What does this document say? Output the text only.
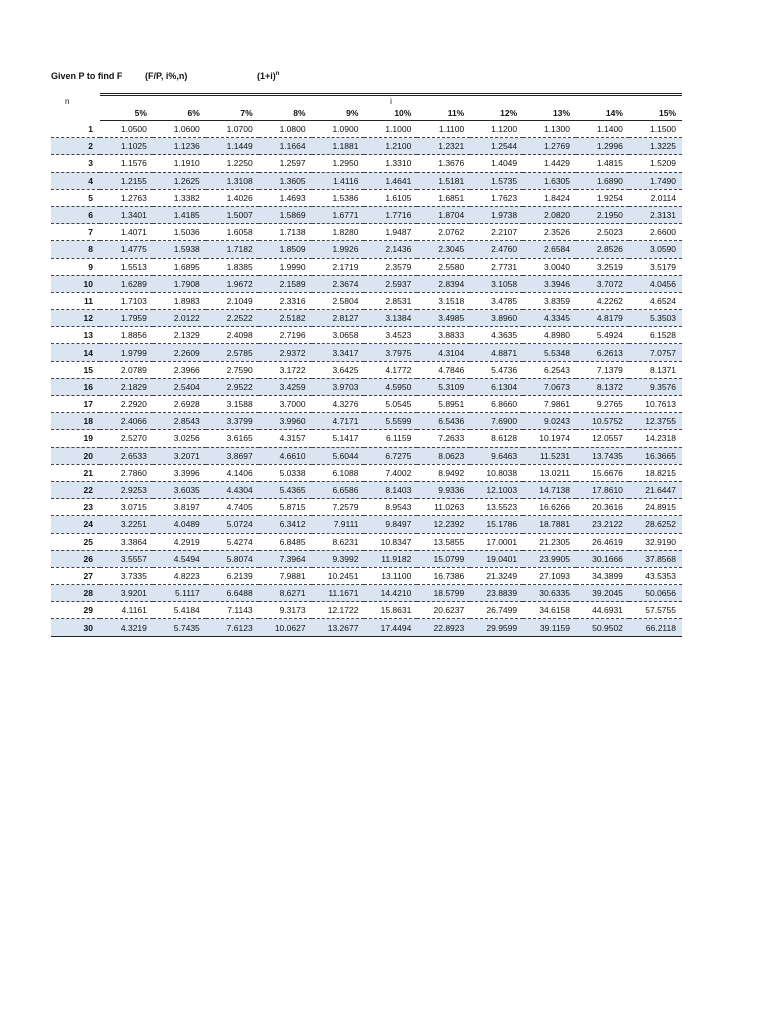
Given P to find F	(F/P, i%,n)	$(1+i)^n$
n	i										
	5%	6%	7%	8%	9%	10%	11%	12%	13%	14%	15%
1	1.0500	1.0600	1.0700	1.0800	1.0900	1.1000	1.1100	1.1200	1.1300	1.1400	1.1500
2	1.1025	1.1236	1.1449	1.1664	1.1881	1.2100	1.2321	1.2544	1.2769	1.2996	1.3225
3	1.1576	1.1910	1.2250	1.2597	1.2950	1.3310	1.3676	1.4049	1.4429	1.4815	1.5209
4	1.2155	1.2625	1.3108	1.3605	1.4116	1.4641	1.5181	1.5735	1.6305	1.6890	1.7490
5	1.2763	1.3382	1.4026	1.4693	1.5386	1.6105	1.6851	1.7623	1.8424	1.9254	2.0114
6	1.3401	1.4185	1.5007	1.5869	1.6771	1.7716	1.8704	1.9738	2.0820	2.1950	2.3131
7	1.4071	1.5036	1.6058	1.7138	1.8280	1.9487	2.0762	2.2107	2.3526	2.5023	2.6600
8	1.4775	1.5938	1.7182	1.8509	1.9926	2.1436	2.3045	2.4760	2.6584	2.8526	3.0590
9	1.5513	1.6895	1.8385	1.9990	2.1719	2.3579	2.5580	2.7731	3.0040	3.2519	3.5179
10	1.6289	1.7908	1.9672	2.1589	2.3674	2.5937	2.8394	3.1058	3.3946	3.7072	4.0456
11	1.7103	1.8983	2.1049	2.3316	2.5804	2.8531	3.1518	3.4785	3.8359	4.2262	4.6524
12	1.7959	2.0122	2.2522	2.5182	2.8127	3.1384	3.4985	3.8960	4.3345	4.8179	5.3503
13	1.8856	2.1329	2.4098	2.7196	3.0658	3.4523	3.8833	4.3635	4.8980	5.4924	6.1528
14	1.9799	2.2609	2.5785	2.9372	3.3417	3.7975	4.3104	4.8871	5.5348	6.2613	7.0757
15	2.0789	2.3966	2.7590	3.1722	3.6425	4.1772	4.7846	5.4736	6.2543	7.1379	8.1371
16	2.1829	2.5404	2.9522	3.4259	3.9703	4.5950	5.3109	6.1304	7.0673	8.1372	9.3576
17	2.2920	2.6928	3.1588	3.7000	4.3276	5.0545	5.8951	6.8660	7.9861	9.2765	10.7613
18	2.4066	2.8543	3.3799	3.9960	4.7171	5.5599	6.5436	7.6900	9.0243	10.5752	12.3755
19	2.5270	3.0256	3.6165	4.3157	5.1417	6.1159	7.2633	8.6128	10.1974	12.0557	14.2318
20	2.6533	3.2071	3.8697	4.6610	5.6044	6.7275	8.0623	9.6463	11.5231	13.7435	16.3665
21	2.7860	3.3996	4.1406	5.0338	6.1088	7.4002	8.9492	10.8038	13.0211	15.6676	18.8215
22	2.9253	3.6035	4.4304	5.4365	6.6586	8.1403	9.9336	12.1003	14.7138	17.8610	21.6447
23	3.0715	3.8197	4.7405	5.8715	7.2579	8.9543	11.0263	13.5523	16.6266	20.3616	24.8915
24	3.2251	4.0489	5.0724	6.3412	7.9111	9.8497	12.2392	15.1786	18.7881	23.2122	28.6252
25	3.3864	4.2919	5.4274	6.8485	8.6231	10.8347	13.5855	17.0001	21.2305	26.4619	32.9190
26	3.5557	4.5494	5.8074	7.3964	9.3992	11.9182	15.0799	19.0401	23.9905	30.1666	37.8568
27	3.7335	4.8223	6.2139	7.9881	10.2451	13.1100	16.7386	21.3249	27.1093	34.3899	43.5353
28	3.9201	5.1117	6.6488	8.6271	11.1671	14.4210	18.5799	23.8839	30.6335	39.2045	50.0656
29	4.1161	5.4184	7.1143	9.3173	12.1722	15.8631	20.6237	26.7499	34.6158	44.6931	57.5755
30	4.3219	5.7435	7.6123	10.0627	13.2677	17.4494	22.8923	29.9599	39.1159	50.9502	66.2118
